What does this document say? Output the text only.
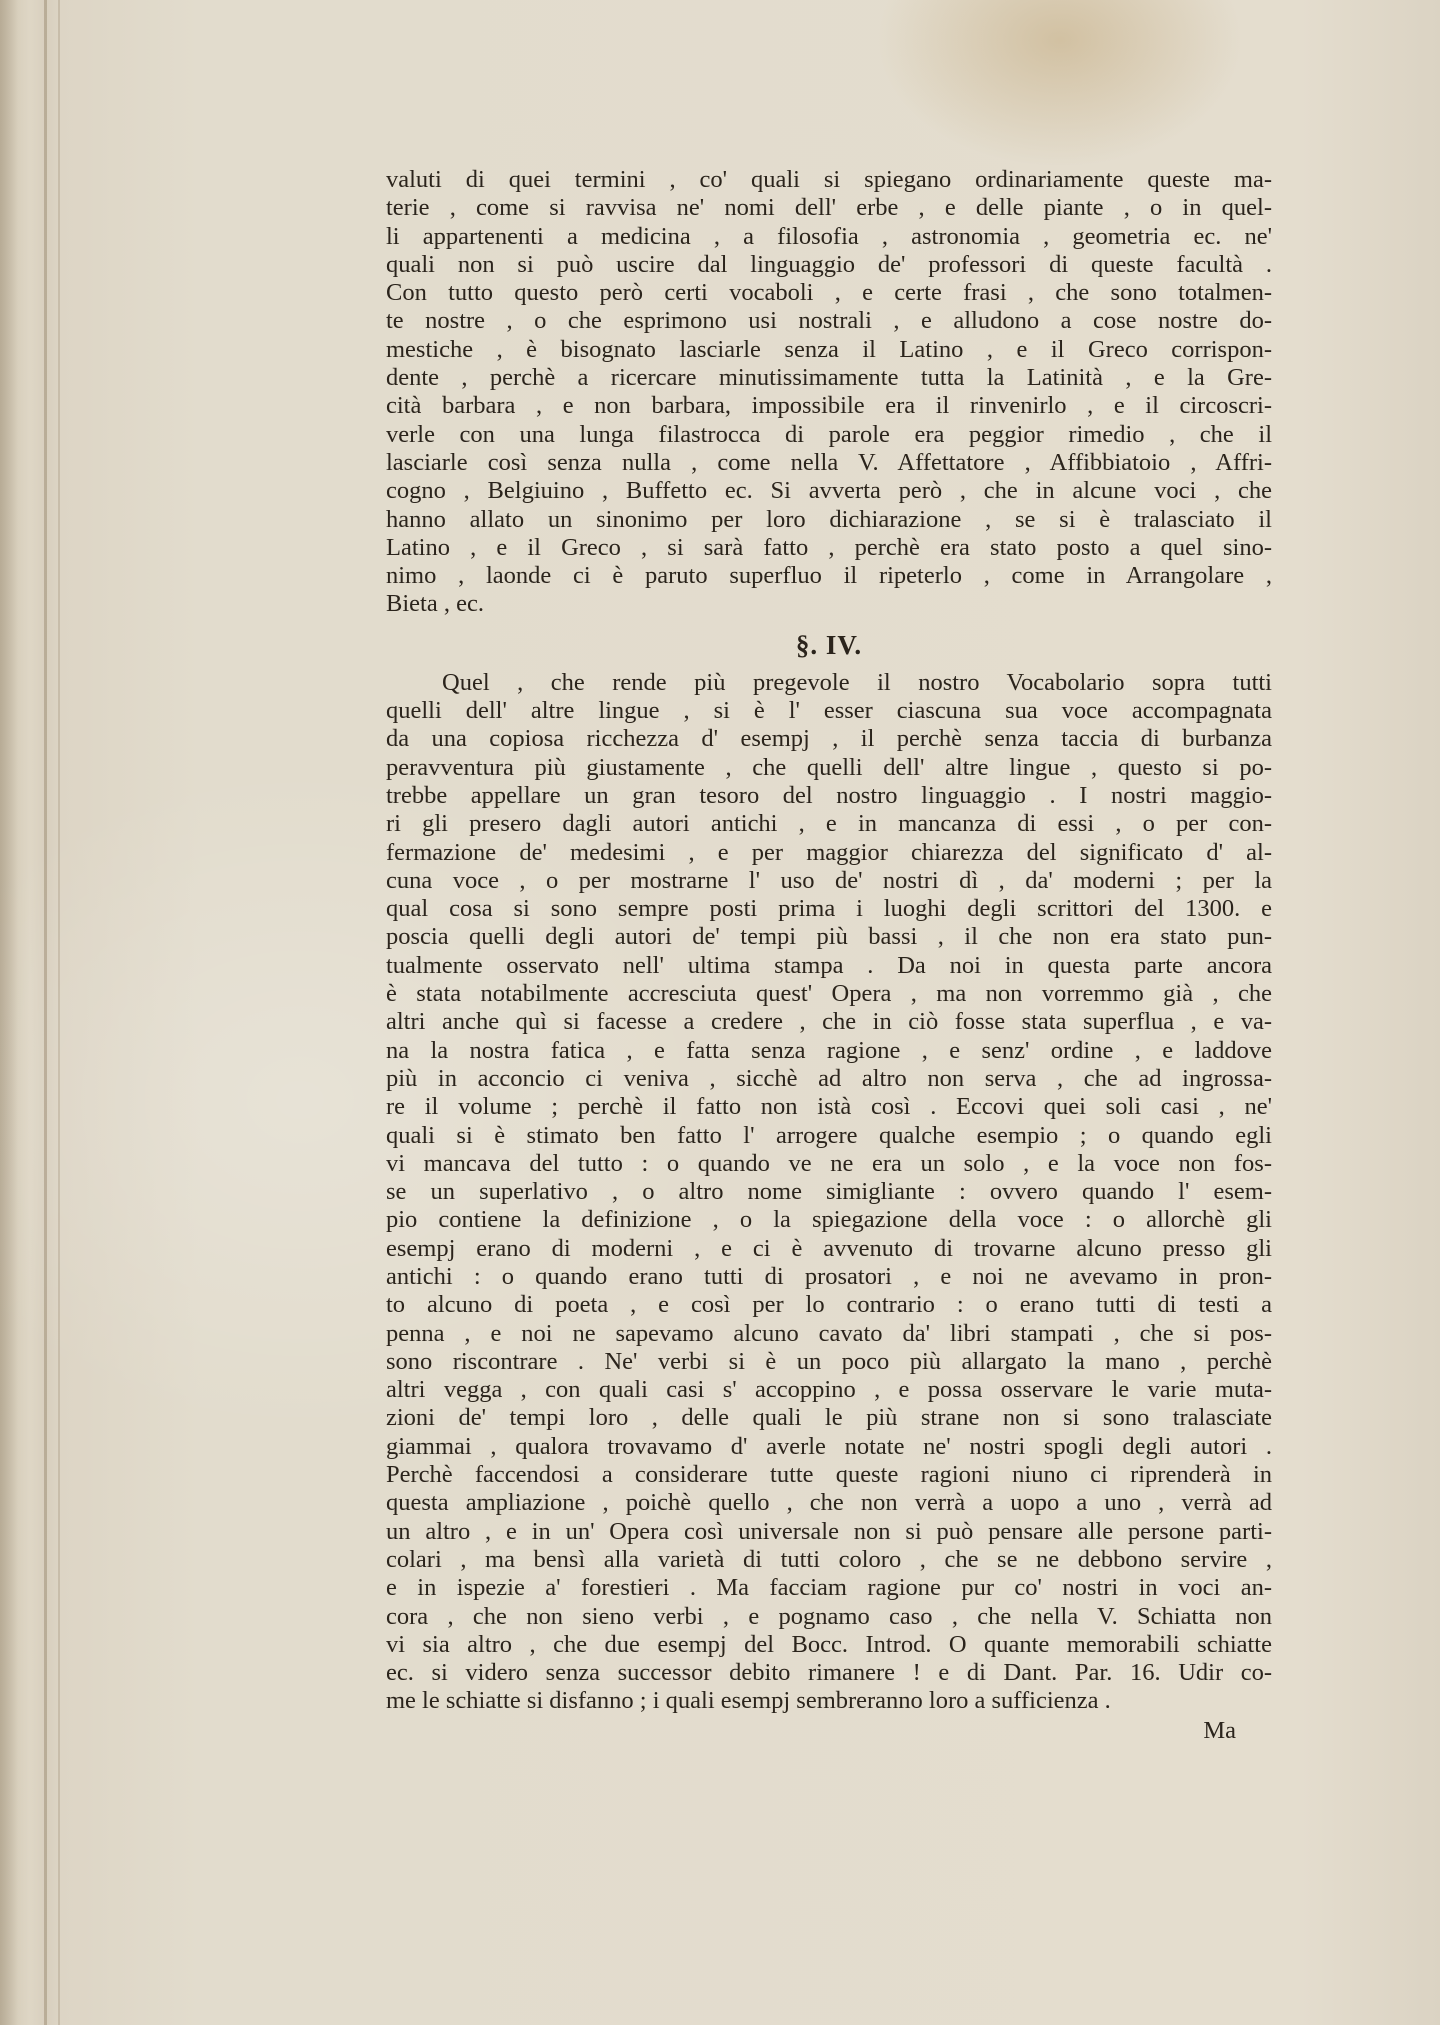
valuti di quei termini , co' quali si spiegano ordinariamente queste ma-
terie , come si ravvisa ne' nomi dell' erbe , e delle piante , o in quel-
li appartenenti a medicina , a filosofia , astronomia , geometria ec. ne'
quali non si può uscire dal linguaggio de' professori di queste facultà .
Con tutto questo però certi vocaboli , e certe frasi , che sono totalmen-
te nostre , o che esprimono usi nostrali , e alludono a cose nostre do-
mestiche , è bisognato lasciarle senza il Latino , e il Greco corrispon-
dente , perchè a ricercare minutissimamente tutta la Latinità , e la Gre-
cità barbara , e non barbara, impossibile era il rinvenirlo , e il circoscri-
verle con una lunga filastrocca di parole era peggior rimedio , che il
lasciarle così senza nulla , come nella V. Affettatore , Affibbiatoio , Affri-
cogno , Belgiuino , Buffetto ec. Si avverta però , che in alcune voci , che
hanno allato un sinonimo per loro dichiarazione , se si è tralasciato il
Latino , e il Greco , si sarà fatto , perchè era stato posto a quel sino-
nimo , laonde ci è paruto superfluo il ripeterlo , come in Arrangolare ,
Bieta , ec.
§. IV.
Quel , che rende più pregevole il nostro Vocabolario sopra tutti
quelli dell' altre lingue , si è l' esser ciascuna sua voce accompagnata
da una copiosa ricchezza d' esempj , il perchè senza taccia di burbanza
peravventura più giustamente , che quelli dell' altre lingue , questo si po-
trebbe appellare un gran tesoro del nostro linguaggio . I nostri maggio-
ri gli presero dagli autori antichi , e in mancanza di essi , o per con-
fermazione de' medesimi , e per maggior chiarezza del significato d' al-
cuna voce , o per mostrarne l' uso de' nostri dì , da' moderni ; per la
qual cosa si sono sempre posti prima i luoghi degli scrittori del 1300. e
poscia quelli degli autori de' tempi più bassi , il che non era stato pun-
tualmente osservato nell' ultima stampa . Da noi in questa parte ancora
è stata notabilmente accresciuta quest' Opera , ma non vorremmo già , che
altri anche quì si facesse a credere , che in ciò fosse stata superflua , e va-
na la nostra fatica , e fatta senza ragione , e senz' ordine , e laddove
più in acconcio ci veniva , sicchè ad altro non serva , che ad ingrossa-
re il volume ; perchè il fatto non istà così . Eccovi quei soli casi , ne'
quali si è stimato ben fatto l' arrogere qualche esempio ; o quando egli
vi mancava del tutto : o quando ve ne era un solo , e la voce non fos-
se un superlativo , o altro nome simigliante : ovvero quando l' esem-
pio contiene la definizione , o la spiegazione della voce : o allorchè gli
esempj erano di moderni , e ci è avvenuto di trovarne alcuno presso gli
antichi : o quando erano tutti di prosatori , e noi ne avevamo in pron-
to alcuno di poeta , e così per lo contrario : o erano tutti di testi a
penna , e noi ne sapevamo alcuno cavato da' libri stampati , che si pos-
sono riscontrare . Ne' verbi si è un poco più allargato la mano , perchè
altri vegga , con quali casi s' accoppino , e possa osservare le varie muta-
zioni de' tempi loro , delle quali le più strane non si sono tralasciate
giammai , qualora trovavamo d' averle notate ne' nostri spogli degli autori .
Perchè faccendosi a considerare tutte queste ragioni niuno ci riprenderà in
questa ampliazione , poichè quello , che non verrà a uopo a uno , verrà ad
un altro , e in un' Opera così universale non si può pensare alle persone parti-
colari , ma bensì alla varietà di tutti coloro , che se ne debbono servire ,
e in ispezie a' forestieri . Ma facciam ragione pur co' nostri in voci an-
cora , che non sieno verbi , e pognamo caso , che nella V. Schiatta non
vi sia altro , che due esempj del Bocc. Introd. O quante memorabili schiatte
ec. si videro senza successor debito rimanere ! e di Dant. Par. 16. Udir co-
me le schiatte si disfanno ; i quali esempj sembreranno loro a sufficienza .
Ma
